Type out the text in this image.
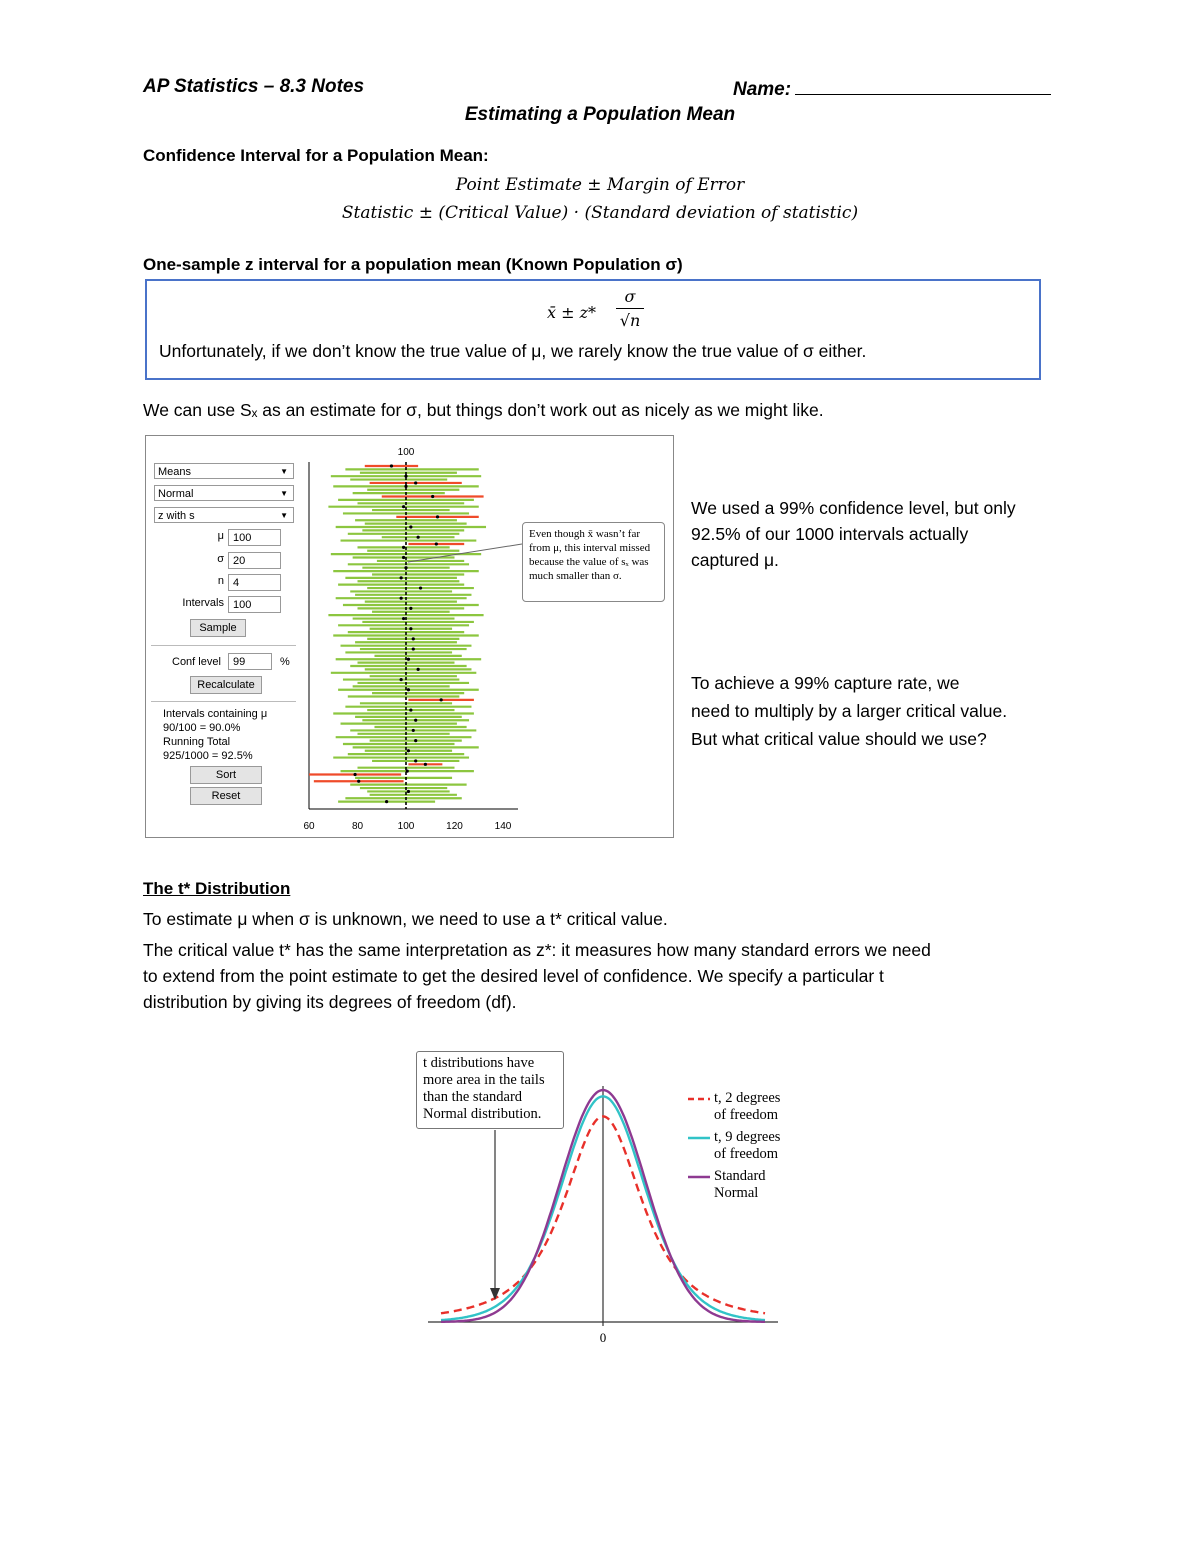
AP Statistics – 8.3 Notes	Name:
Estimating a Population Mean
Confidence Interval for a Population Mean:
Point Estimate ± Margin of Error
Statistic ± (Critical Value) · (Standard deviation of statistic)
One-sample z interval for a population mean (Known Population σ)
x̄ ± z*
σ
√n
Unfortunately, if we don’t know the true value of μ, we rarely know the true value of σ either.
We can use Sₓ as an estimate for σ, but things don’t work out as nicely as we might like.
Means	▼
Normal	▼
z with s	▼
μ 100
σ 20
n 4
Intervals 100
Sample
Conf level	99	%
Recalculate
Intervals containing μ
90/100 = 90.0%
Running Total
925/1000 = 92.5%
Sort
Reset
100
60	80	100	120	140
Even though x̄ wasn’t far from μ, this interval missed because the value of sₓ was much smaller than σ.
We used a 99% confidence level, but only
92.5% of our 1000 intervals actually
captured μ.
To achieve a 99% capture rate, we
need to multiply by a larger critical value.
But what critical value should we use?
The t* Distribution
To estimate μ when σ is unknown, we need to use a t* critical value.
The critical value t* has the same interpretation as z*: it measures how many standard errors we need
to extend from the point estimate to get the desired level of confidence. We specify a particular t
distribution by giving its degrees of freedom (df).
0
t distributions have more area in the tails than the standard Normal distribution.
t, 2 degrees of freedom
t, 9 degrees of freedom
Standard Normal
